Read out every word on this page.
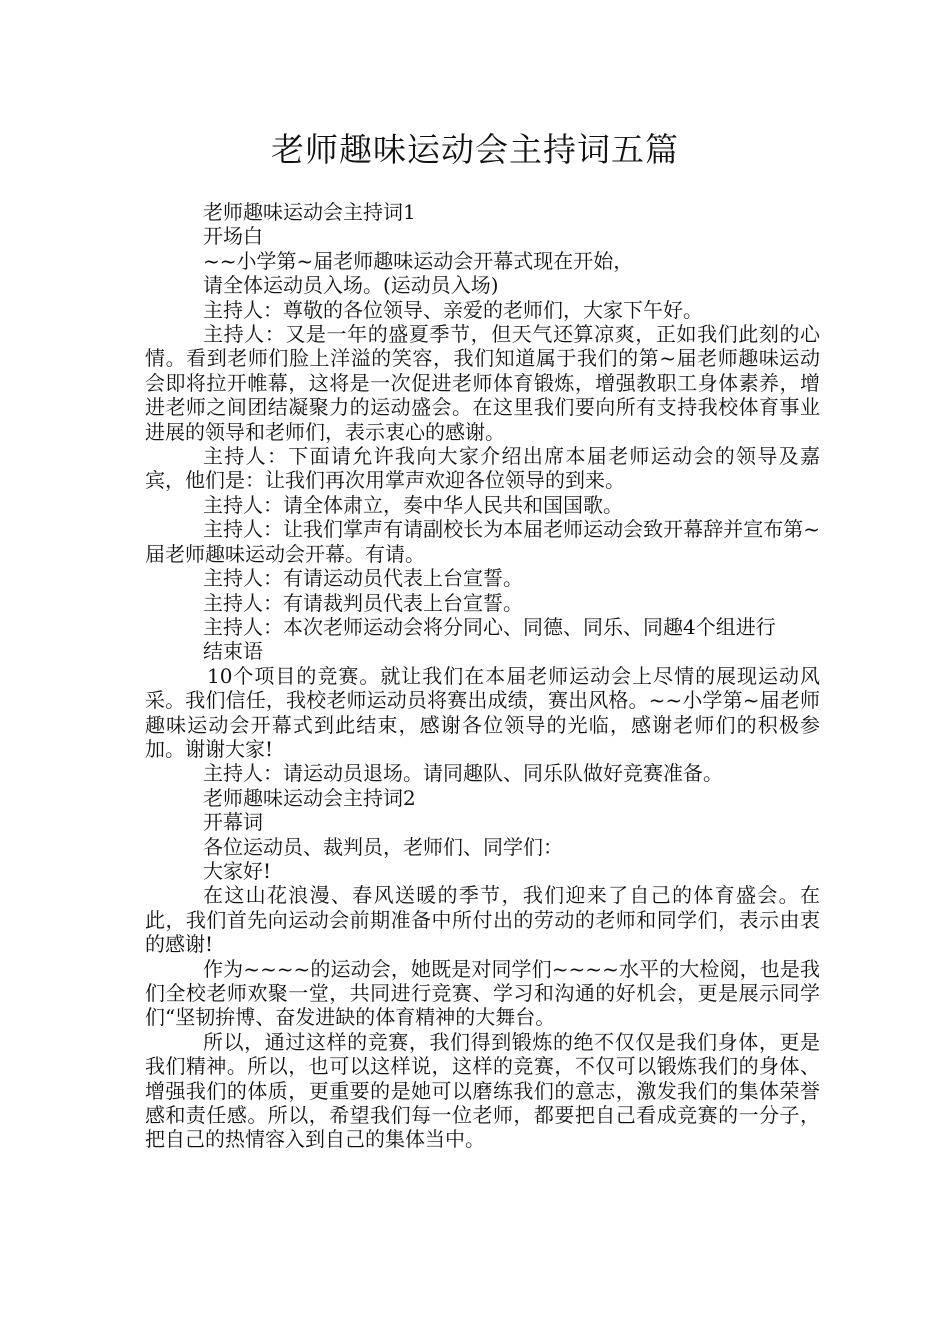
老师趣味运动会主持词五篇

老师趣味运动会主持词1

开场白

~~小学第~届老师趣味运动会开幕式现在开始，

请全体运动员入场。(运动员入场)

主持人：尊敬的各位领导、亲爱的老师们，大家下午好。

主持人：又是一年的盛夏季节，但天气还算凉爽，正如我们此刻的心情。看到老师们脸上洋溢的笑容，我们知道属于我们的第~届老师趣味运动会即将拉开帷幕，这将是一次促进老师体育锻炼，增强教职工身体素养，增进老师之间团结凝聚力的运动盛会。在这里我们要向所有支持我校体育事业进展的领导和老师们，表示衷心的感谢。

主持人：下面请允许我向大家介绍出席本届老师运动会的领导及嘉宾，他们是：让我们再次用掌声欢迎各位领导的到来。

主持人：请全体肃立，奏中华人民共和国国歌。

主持人：让我们掌声有请副校长为本届老师运动会致开幕辞并宣布第~届老师趣味运动会开幕。有请。

主持人：有请运动员代表上台宣誓。

主持人：有请裁判员代表上台宣誓。

主持人：本次老师运动会将分同心、同德、同乐、同趣4个组进行

结束语

10个项目的竞赛。就让我们在本届老师运动会上尽情的展现运动风采。我们信任，我校老师运动员将赛出成绩，赛出风格。~~小学第~届老师趣味运动会开幕式到此结束，感谢各位领导的光临，感谢老师们的积极参加。谢谢大家!

主持人：请运动员退场。请同趣队、同乐队做好竞赛准备。

老师趣味运动会主持词2

开幕词

各位运动员、裁判员，老师们、同学们：

大家好!

在这山花浪漫、春风送暖的季节，我们迎来了自己的体育盛会。在此，我们首先向运动会前期准备中所付出的劳动的老师和同学们，表示由衷的感谢!

作为~~~~的运动会，她既是对同学们~~~~水平的大检阅，也是我们全校老师欢聚一堂，共同进行竞赛、学习和沟通的好机会，更是展示同学们“坚韧拚博、奋发进缺的体育精神的大舞台。

所以，通过这样的竞赛，我们得到锻炼的绝不仅仅是我们身体，更是我们精神。所以，也可以这样说，这样的竞赛，不仅可以锻炼我们的身体、增强我们的体质，更重要的是她可以磨练我们的意志，激发我们的集体荣誉感和责任感。所以，希望我们每一位老师，都要把自己看成竞赛的一分子，把自己的热情容入到自己的集体当中。
